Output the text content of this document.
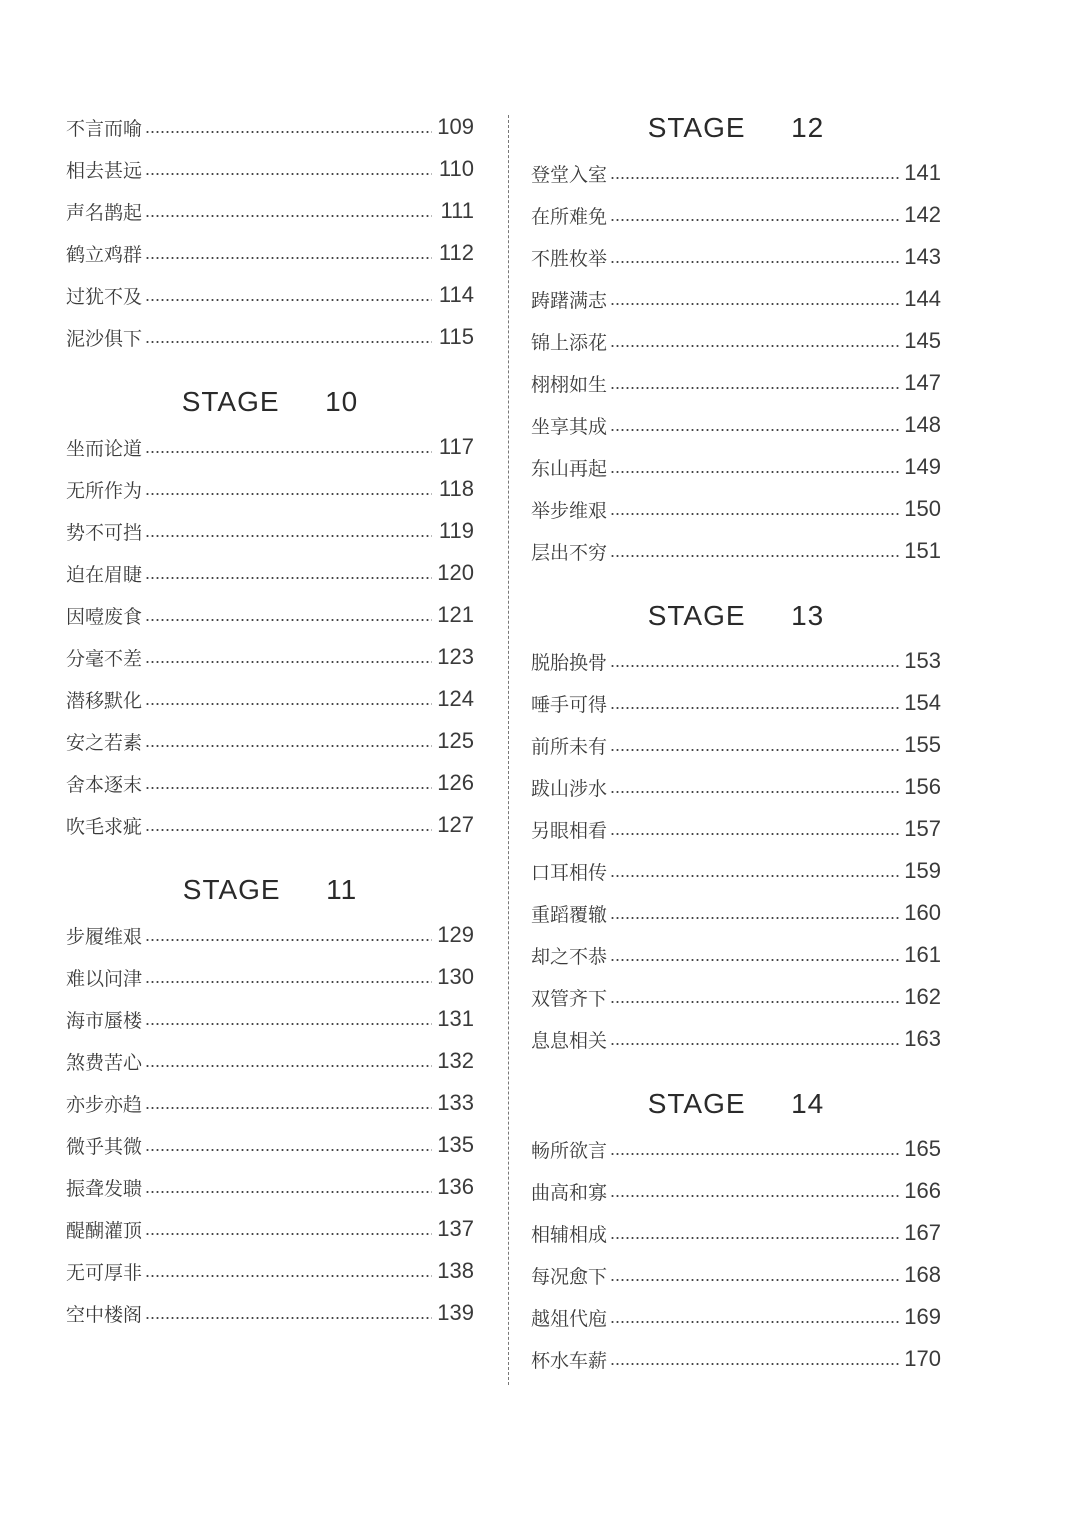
不言而喻	109
相去甚远	110
声名鹊起	111
鹤立鸡群	112
过犹不及	114
泥沙俱下	115
STAGE  10
坐而论道	117
无所作为	118
势不可挡	119
迫在眉睫	120
因噎废食	121
分毫不差	123
潜移默化	124
安之若素	125
舍本逐末	126
吹毛求疵	127
STAGE  11
步履维艰	129
难以问津	130
海市蜃楼	131
煞费苦心	132
亦步亦趋	133
微乎其微	135
振聋发聩	136
醍醐灌顶	137
无可厚非	138
空中楼阁	139
STAGE  12
登堂入室	141
在所难免	142
不胜枚举	143
踌躇满志	144
锦上添花	145
栩栩如生	147
坐享其成	148
东山再起	149
举步维艰	150
层出不穷	151
STAGE  13
脱胎换骨	153
唾手可得	154
前所未有	155
跋山涉水	156
另眼相看	157
口耳相传	159
重蹈覆辙	160
却之不恭	161
双管齐下	162
息息相关	163
STAGE  14
畅所欲言	165
曲高和寡	166
相辅相成	167
每况愈下	168
越俎代庖	169
杯水车薪	170
